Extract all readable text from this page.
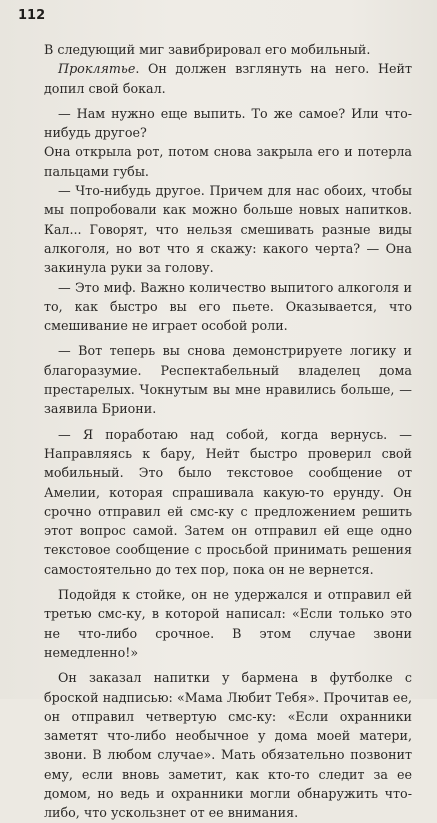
112

В следующий миг завибрировал его мобильный.

Проклятье. Он должен взглянуть на него. Нейт допил свой бокал.

— Нам нужно еще выпить. То же самое? Или что-нибудь другое?

Она открыла рот, потом снова закрыла его и потерла пальцами губы.

— Что-нибудь другое. Причем для нас обоих, чтобы мы попробовали как можно больше новых напитков. Кал... Говорят, что нельзя смешивать разные виды алкоголя, но вот что я скажу: какого черта? — Она закинула руки за голову.

— Это миф. Важно количество выпитого алкоголя и то, как быстро вы его пьете. Оказывается, что смешивание не играет особой роли.

— Вот теперь вы снова демонстрируете логику и благоразумие. Респектабельный владелец дома престарелых. Чокнутым вы мне нравились больше, — заявила Бриони.

— Я поработаю над собой, когда вернусь. — Направляясь к бару, Нейт быстро проверил свой мобильный. Это было текстовое сообщение от Амелии, которая спрашивала какую-то ерунду. Он срочно отправил ей смс-ку с предложением решить этот вопрос самой. Затем он отправил ей еще одно текстовое сообщение с просьбой принимать решения самостоятельно до тех пор, пока он не вернется.

Подойдя к стойке, он не удержался и отправил ей третью смс-ку, в которой написал: «Если только это не что-либо срочное. В этом случае звони немедленно!»

Он заказал напитки у бармена в футболке с броской надписью: «Мама Любит Тебя». Прочитав ее, он отправил четвертую смс-ку: «Если охранники заметят что-либо необычное у дома моей матери, звони. В любом случае». Мать обязательно позвонит ему, если вновь заметит, как кто-то следит за ее домом, но ведь и охранники могли обнаружить что-либо, что ускользнет от ее внимания.
